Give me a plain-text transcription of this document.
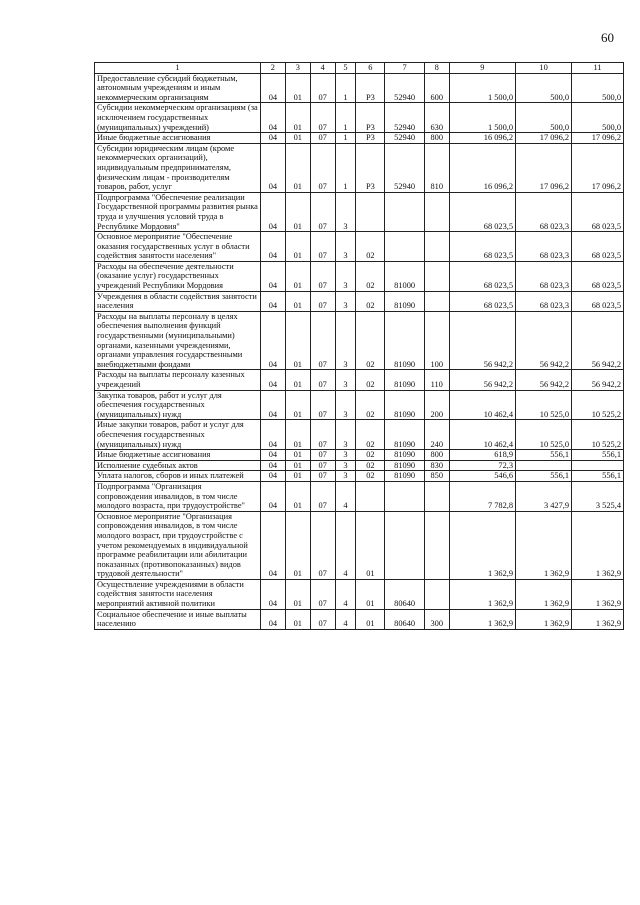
60
1	2	3	4	5	6	7	8	9	10	11
Предоставление субсидий бюджетным, автономным учреждениям и иным некоммерческим организациям	04	01	07	1	Р3	52940	600	1 500,0	500,0	500,0
Субсидии некоммерческим организациям (за исключением государственных (муниципальных) учреждений)	04	01	07	1	Р3	52940	630	1 500,0	500,0	500,0
Иные бюджетные ассигнования	04	01	07	1	Р3	52940	800	16 096,2	17 096,2	17 096,2
Субсидии юридическим лицам (кроме некоммерческих организаций), индивидуальным предпринимателям, физическим лицам - производителям товаров, работ, услуг	04	01	07	1	Р3	52940	810	16 096,2	17 096,2	17 096,2
Подпрограмма "Обеспечение реализации Государственной программы развития рынка труда и улучшения условий труда в Республике Мордовия"	04	01	07	3				68 023,5	68 023,3	68 023,5
Основное мероприятие "Обеспечение оказания государственных услуг в области содействия занятости населения"	04	01	07	3	02			68 023,5	68 023,3	68 023,5
Расходы на обеспечение деятельности (оказание услуг) государственных учреждений Республики Мордовия	04	01	07	3	02	81000		68 023,5	68 023,3	68 023,5
Учреждения в области содействия занятости населения	04	01	07	3	02	81090		68 023,5	68 023,3	68 023,5
Расходы на выплаты персоналу в целях обеспечения выполнения функций государственными (муниципальными) органами, казенными учреждениями, органами управления государственными внебюджетными фондами	04	01	07	3	02	81090	100	56 942,2	56 942,2	56 942,2
Расходы на выплаты персоналу казенных учреждений	04	01	07	3	02	81090	110	56 942,2	56 942,2	56 942,2
Закупка товаров, работ и услуг для обеспечения государственных (муниципальных) нужд	04	01	07	3	02	81090	200	10 462,4	10 525,0	10 525,2
Иные закупки товаров, работ и услуг для обеспечения государственных (муниципальных) нужд	04	01	07	3	02	81090	240	10 462,4	10 525,0	10 525,2
Иные бюджетные ассигнования	04	01	07	3	02	81090	800	618,9	556,1	556,1
Исполнение судебных актов	04	01	07	3	02	81090	830	72,3		
Уплата налогов, сборов и иных платежей	04	01	07	3	02	81090	850	546,6	556,1	556,1
Подпрограмма "Организация сопровождения инвалидов, в том числе молодого возраста, при трудоустройстве"	04	01	07	4				7 782,8	3 427,9	3 525,4
Основное мероприятие "Организация сопровождения инвалидов, в том числе молодого возраст, при трудоустройстве с учетом рекомендуемых в индивидуальной программе реабилитации или абилитации показанных (противопоказанных) видов трудовой деятельности"	04	01	07	4	01			1 362,9	1 362,9	1 362,9
Осуществление учреждениями в области содействия занятости населения мероприятий активной политики	04	01	07	4	01	80640		1 362,9	1 362,9	1 362,9
Социальное обеспечение и иные выплаты населению	04	01	07	4	01	80640	300	1 362,9	1 362,9	1 362,9
